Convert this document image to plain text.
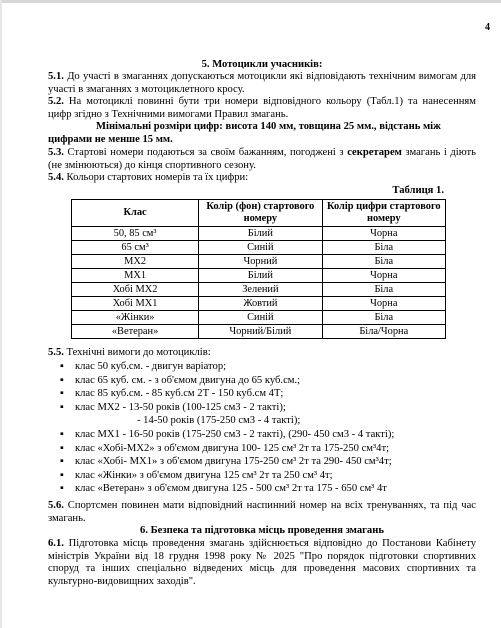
4
5. Мотоцикли учасників:
5.1. До участі в змаганнях допускаються мотоцикли які відповідають технічним вимогам для участі в змаганнях з мотоциклетного кросу.
5.2. На мотоциклі повинні бути три номери відповідного кольору (Табл.1) та нанесенням цифр згідно з Технічними вимогами Правил змагань.
Мінімальні розміри цифр: висота 140 мм, товщина 25 мм., відстань між цифрами не менше 15 мм.
5.3. Стартові номери подаються за своїм бажанням, погоджені з секретарем змагань і діють (не змінюються) до кінця спортивного сезону.
5.4. Кольори стартових номерів та їх цифри:
Таблиця 1.
Клас	Колір (фон) стартового номеру	Колір цифри стартового номеру
50, 85 см³	Білий	Чорна
65 см³	Синій	Біла
MX2	Чорний	Біла
MX1	Білий	Чорна
Хобі MX2	Зелений	Біла
Хобі MX1	Жовтий	Чорна
«Жінки»	Синій	Біла
«Ветеран»	Чорний/Білий	Біла/Чорна
5.5. Технічні вимоги до мотоциклів:
▪ клас 50 куб.см. - двигун варіатор;
▪ клас 65 куб. см. - з об'ємом двигуна до 65 куб.см.;
▪ клас 85 куб.см. - 85 куб.см 2Т - 150 куб.см 4Т;
▪ клас МХ2 - 13-50 років (100-125 см3 - 2 такті);
- 14-50 років (175-250 см3 - 4 такті);
▪ клас МХ1 - 16-50 років (175-250 см3 - 2 такті), (290- 450 см3 - 4 такті);
▪ клас «Хобі-МХ2» з об'ємом двигуна 100- 125 см³ 2т та 175-250 см³4т;
▪ клас «Хобі- МХ1» з об'ємом двигуна 175-250 см³ 2т та 290- 450 см³4т;
▪ клас «Жінки» з об'ємом двигуна 125 см³ 2т та 250 см³ 4т;
▪ клас «Ветеран» з об'ємом двигуна 125 - 500 см³ 2т та 175 - 650 см³ 4т
5.6. Спортсмен повинен мати відповідний наспинний номер на всіх тренуваннях, та під час змагань.
6. Безпека та підготовка місць проведення змагань
6.1. Підготовка місць проведення змагань здійснюється відповідно до Постанови Кабінету міністрів України від 18 грудня 1998 року № 2025 "Про порядок підготовки спортивних споруд та інших спеціально відведених місць для проведення масових спортивних та культурно-видовищних заходів".
